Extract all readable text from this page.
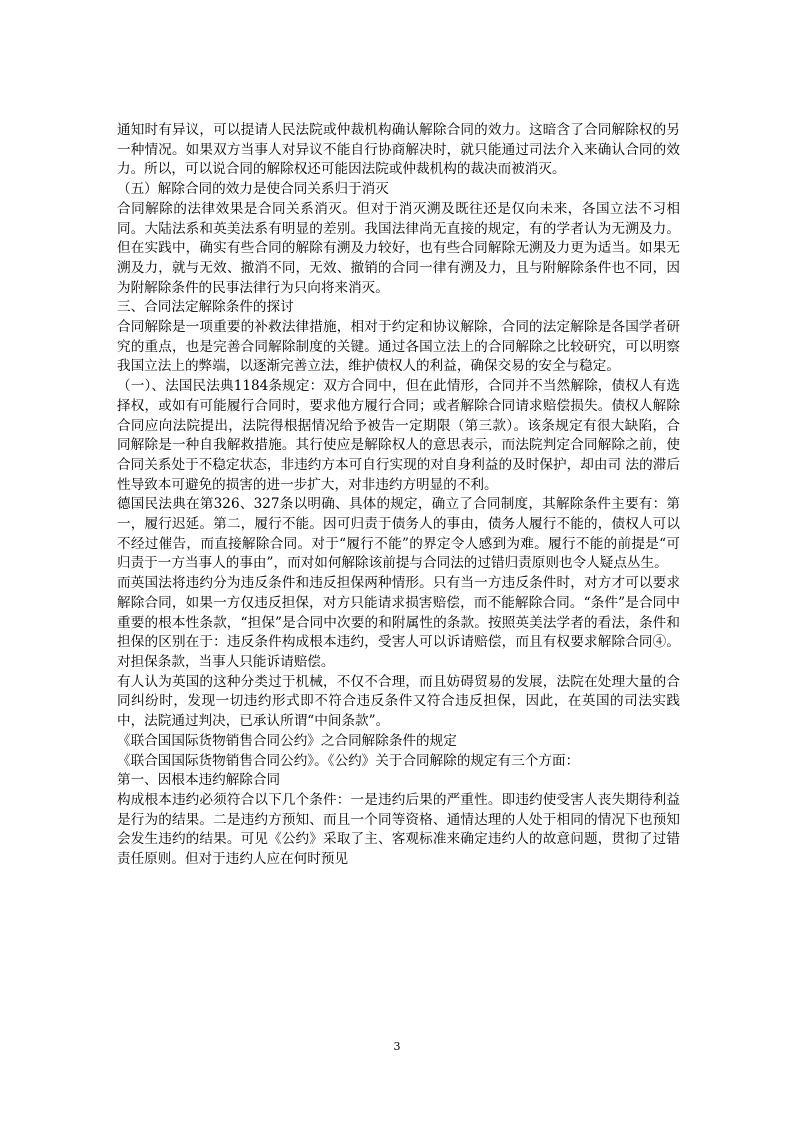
通知时有异议，可以提请人民法院或仲裁机构确认解除合同的效力。这暗含了合同解除权的另一种情况。如果双方当事人对异议不能自行协商解决时，就只能通过司法介入来确认合同的效力。所以，可以说合同的解除权还可能因法院或仲裁机构的裁决而被消灭。

（五）解除合同的效力是使合同关系归于消灭

合同解除的法律效果是合同关系消灭。但对于消灭溯及既往还是仅向未来，各国立法不习相同。大陆法系和英美法系有明显的差别。我国法律尚无直接的规定，有的学者认为无溯及力。但在实践中，确实有些合同的解除有溯及力较好，也有些合同解除无溯及力更为适当。如果无溯及力，就与无效、撤消不同，无效、撤销的合同一律有溯及力，且与附解除条件也不同，因为附解除条件的民事法律行为只向将来消灭。

三、合同法定解除条件的探讨

合同解除是一项重要的补救法律措施，相对于约定和协议解除，合同的法定解除是各国学者研究的重点，也是完善合同解除制度的关键。通过各国立法上的合同解除之比较研究，可以明察我国立法上的弊端，以逐渐完善立法，维护债权人的利益，确保交易的安全与稳定。

（一）、法国民法典1184条规定：双方合同中，但在此情形，合同并不当然解除，债权人有选择权，或如有可能履行合同时，要求他方履行合同；或者解除合同请求赔偿损失。债权人解除合同应向法院提出，法院得根据情况给予被告一定期限（第三款）。该条规定有很大缺陷，合同解除是一种自我解救措施。其行使应是解除权人的意思表示，而法院判定合同解除之前，使合同关系处于不稳定状态，非违约方本可自行实现的对自身利益的及时保护，却由司 法的滞后性导致本可避免的损害的进一步扩大，对非违约方明显的不利。

德国民法典在第326、327条以明确、具体的规定，确立了合同制度，其解除条件主要有：第一，履行迟延。第二，履行不能。因可归责于债务人的事由，债务人履行不能的，债权人可以不经过催告，而直接解除合同。对于“履行不能”的界定令人感到为难。履行不能的前提是“可归责于一方当事人的事由”，而对如何解除该前提与合同法的过错归责原则也令人疑点丛生。

而英国法将违约分为违反条件和违反担保两种情形。只有当一方违反条件时，对方才可以要求解除合同，如果一方仅违反担保，对方只能请求损害赔偿，而不能解除合同。“条件”是合同中重要的根本性条款，“担保”是合同中次要的和附属性的条款。按照英美法学者的看法，条件和担保的区别在于：违反条件构成根本违约，受害人可以诉请赔偿，而且有权要求解除合同④。对担保条款，当事人只能诉请赔偿。

有人认为英国的这种分类过于机械，不仅不合理，而且妨碍贸易的发展，法院在处理大量的合同纠纷时，发现一切违约形式即不符合违反条件又符合违反担保，因此，在英国的司法实践中，法院通过判决，已承认所谓“中间条款”。

《联合国国际货物销售合同公约》之合同解除条件的规定

《联合国国际货物销售合同公约》。《公约》关于合同解除的规定有三个方面：

第一、因根本违约解除合同

构成根本违约必须符合以下几个条件：一是违约后果的严重性。即违约使受害人丧失期待利益是行为的结果。二是违约方预知、而且一个同等资格、通情达理的人处于相同的情况下也预知会发生违约的结果。可见《公约》采取了主、客观标准来确定违约人的故意问题，贯彻了过错责任原则。但对于违约人应在何时预见

3
